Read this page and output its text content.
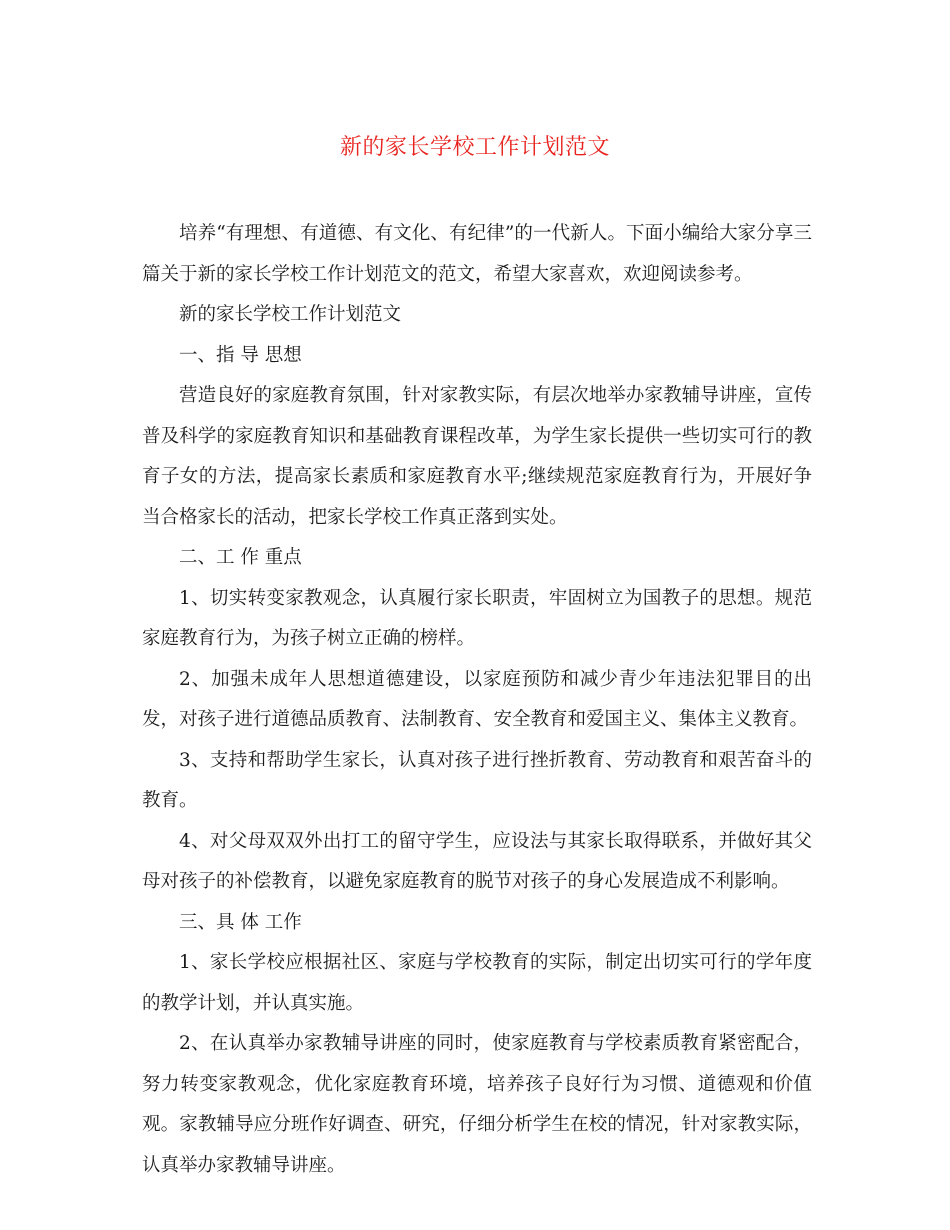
新的家长学校工作计划范文

培养“有理想、有道德、有文化、有纪律”的一代新人。下面小编给大家分享三篇关于新的家长学校工作计划范文的范文，希望大家喜欢，欢迎阅读参考。

新的家长学校工作计划范文

一、指 导 思想

营造良好的家庭教育氛围，针对家教实际，有层次地举办家教辅导讲座，宣传普及科学的家庭教育知识和基础教育课程改革，为学生家长提供一些切实可行的教育子女的方法，提高家长素质和家庭教育水平;继续规范家庭教育行为，开展好争当合格家长的活动，把家长学校工作真正落到实处。

二、工 作 重点

1、切实转变家教观念，认真履行家长职责，牢固树立为国教子的思想。规范家庭教育行为，为孩子树立正确的榜样。

2、加强未成年人思想道德建设，以家庭预防和减少青少年违法犯罪目的出发，对孩子进行道德品质教育、法制教育、安全教育和爱国主义、集体主义教育。

3、支持和帮助学生家长，认真对孩子进行挫折教育、劳动教育和艰苦奋斗的教育。

4、对父母双双外出打工的留守学生，应设法与其家长取得联系，并做好其父母对孩子的补偿教育，以避免家庭教育的脱节对孩子的身心发展造成不利影响。

三、具 体 工作

1、家长学校应根据社区、家庭与学校教育的实际，制定出切实可行的学年度的教学计划，并认真实施。

2、在认真举办家教辅导讲座的同时，使家庭教育与学校素质教育紧密配合，努力转变家教观念，优化家庭教育环境，培养孩子良好行为习惯、道德观和价值观。家教辅导应分班作好调查、研究，仔细分析学生在校的情况，针对家教实际，认真举办家教辅导讲座。
